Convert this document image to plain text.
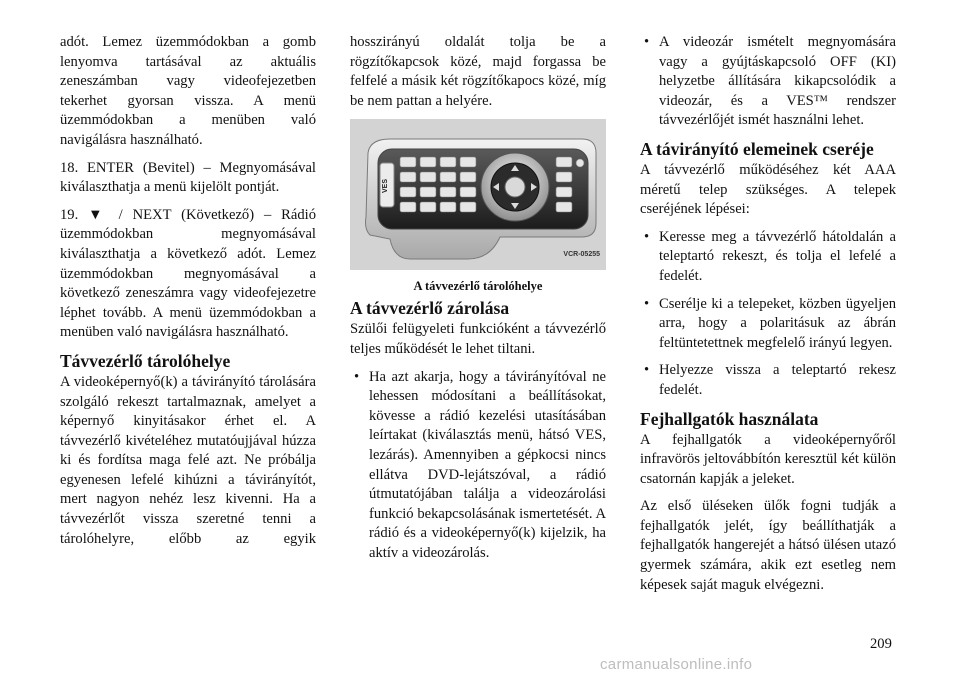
adót. Lemez üzemmódokban a gomb lenyomva tartásával az aktuális zeneszámban vagy videofejezetben tekerhet gyorsan vissza. A menü üzemmódokban a menüben való navigálásra használható.

18. ENTER (Bevitel) – Megnyomásával kiválaszthatja a menü kijelölt pontját.

19. ▼ / NEXT (Következő) – Rádió üzemmódokban megnyomásával kiválaszthatja a következő adót. Lemez üzemmódokban megnyomásával a következő zeneszámra vagy videofejezetre léphet tovább. A menü üzemmódokban a menüben való navigálásra használható.

Távvezérlő tárolóhelye

A videoképernyő(k) a távirányító tárolására szolgáló rekeszt tartalmaznak, amelyet a képernyő kinyitásakor érhet el. A távvezérlő kivételéhez mutatóujjával húzza ki és fordítsa maga felé azt. Ne próbálja egyenesen lefelé kihúzni a távirányítót, mert nagyon nehéz lesz kivenni. Ha a távvezérlőt vissza szeretné tenni a tárolóhelyre, előbb az egyik

hosszirányú oldalát tolja be a rögzítőkapcsok közé, majd forgassa be felfelé a másik két rögzítőkapocs közé, míg be nem pattan a helyére.

VES
VCR-05255
A távvezérlő tárolóhelye
A távvezérlő zárolása

Szülői felügyeleti funkcióként a távvezérlő teljes működését le lehet tiltani.

• Ha azt akarja, hogy a távirányítóval ne lehessen módosítani a beállításokat, kövesse a rádió kezelési utasításában leírtakat (kiválasztás menü, hátsó VES, lezárás). Amennyiben a gépkocsi nincs ellátva DVD-lejátszóval, a rádió útmutatójában találja a videozárolási funkció bekapcsolásának ismertetését. A rádió és a videoképernyő(k) kijelzik, ha aktív a videozárolás.
• A videozár ismételt megnyomására vagy a gyújtáskapcsoló OFF (KI) helyzetbe állítására kikapcsolódik a videozár, és a VES™ rendszer távvezérlőjét ismét használni lehet.
A távirányító elemeinek cseréje

A távvezérlő működéséhez két AAA méretű telep szükséges. A telepek cseréjének lépései:

• Keresse meg a távvezérlő hátoldalán a teleptartó rekeszt, és tolja el lefelé a fedelét.
• Cserélje ki a telepeket, közben ügyeljen arra, hogy a polaritásuk az ábrán feltüntetettnek megfelelő irányú legyen.
• Helyezze vissza a teleptartó rekesz fedelét.
Fejhallgatók használata

A fejhallgatók a videoképernyőről infravörös jeltovábbítón keresztül két külön csatornán kapják a jeleket.

Az első üléseken ülők fogni tudják a fejhallgatók jelét, így beállíthatják a fejhallgatók hangerejét a hátsó ülésen utazó gyermek számára, akik ezt esetleg nem képesek saját maguk elvégezni.

209
carmanualsonline.info
